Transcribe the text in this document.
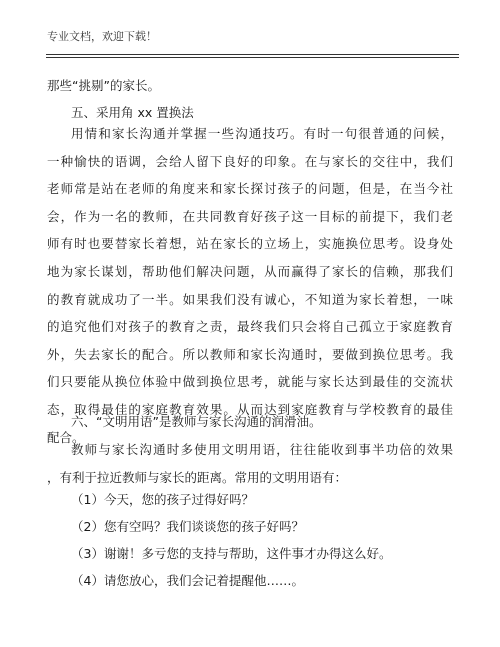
专业文档，欢迎下载！
那些“挑剔”的家长。
五、采用角 xx 置换法
用情和家长沟通并掌握一些沟通技巧。有时一句很普通的问候，
一种愉快的语调，会给人留下良好的印象。在与家长的交往中，我们
老师常是站在老师的角度来和家长探讨孩子的问题，但是，在当今社
会，作为一名的教师，在共同教育好孩子这一目标的前提下，我们老
师有时也要替家长着想，站在家长的立场上，实施换位思考。设身处
地为家长谋划，帮助他们解决问题，从而赢得了家长的信赖，那我们
的教育就成功了一半。如果我们没有诚心，不知道为家长着想，一味
的追究他们对孩子的教育之责，最终我们只会将自己孤立于家庭教育
外，失去家长的配合。所以教师和家长沟通时，要做到换位思考。我
们只要能从换位体验中做到换位思考，就能与家长达到最佳的交流状
态，取得最佳的家庭教育效果。从而达到家庭教育与学校教育的最佳
配合。
六、“文明用语”是教师与家长沟通的润滑油。
教师与家长沟通时多使用文明用语，往往能收到事半功倍的效果
，有利于拉近教师与家长的距离。常用的文明用语有：
（1）今天，您的孩子过得好吗？
（2）您有空吗？我们谈谈您的孩子好吗？
（3）谢谢！多亏您的支持与帮助，这件事才办得这么好。
（4）请您放心，我们会记着提醒他……。
